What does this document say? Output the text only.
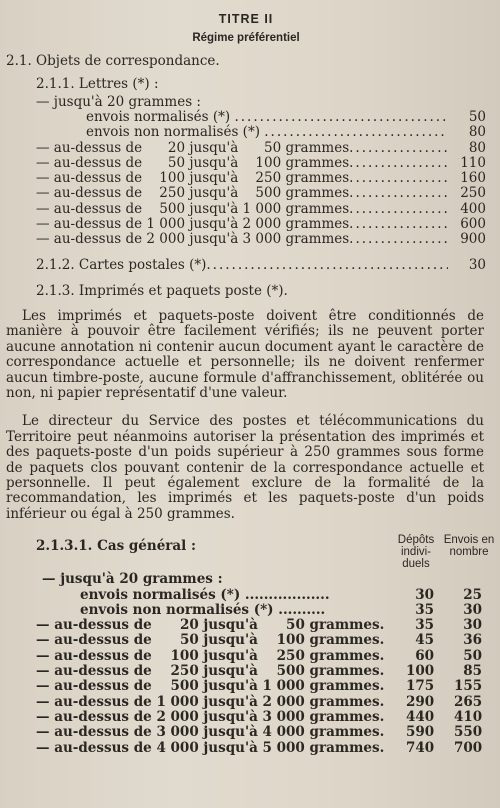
TITRE II
Régime préférentiel
2.1. Objets de correspondance.
2.1.1. Lettres (*) :
— jusqu'à 20 grammes :
envois normalisés (*) .....	50
envois non normalisés (*) .....	80
— au-dessus de      20 jusqu'à      50 grammes .....	80
— au-dessus de      50 jusqu'à    100 grammes .....	110
— au-dessus de    100 jusqu'à    250 grammes .....	160
— au-dessus de    250 jusqu'à    500 grammes .....	250
— au-dessus de    500 jusqu'à 1 000 grammes .....	400
— au-dessus de 1 000 jusqu'à 2 000 grammes .....	600
— au-dessus de 2 000 jusqu'à 3 000 grammes .....	900
2.1.2. Cartes postales (*) .....	30
2.1.3. Imprimés et paquets poste (*).
Les imprimés et paquets-poste doivent être conditionnés de manière à pouvoir être facilement vérifiés; ils ne peuvent porter aucune annotation ni contenir aucun document ayant le caractère de correspondance actuelle et personnelle; ils ne doivent renfermer aucun timbre-poste, aucune formule d'affranchissement, oblitérée ou non, ni papier représentatif d'une valeur.
Le directeur du Service des postes et télécommunications du Territoire peut néanmoins autoriser la présentation des imprimés et des paquets-poste d'un poids supérieur à 250 grammes sous forme de paquets clos pouvant contenir de la correspondance actuelle et personnelle. Il peut également exclure de la formalité de la recommandation, les imprimés et les paquets-poste d'un poids inférieur ou égal à 250 grammes.
2.1.3.1. Cas général :	Dépôts indivi- duels
Envois en nombre
— jusqu'à 20 grammes :
envois normalisés (*) ..................	30	25
envois non normalisés (*) ..........	35	30
— au-dessus de      20 jusqu'à      50 grammes.	35	30
— au-dessus de      50 jusqu'à    100 grammes.	45	36
— au-dessus de    100 jusqu'à    250 grammes.	60	50
— au-dessus de    250 jusqu'à    500 grammes. 100	85
— au-dessus de    500 jusqu'à 1 000 grammes. 175 155
— au-dessus de 1 000 jusqu'à 2 000 grammes. 290 265
— au-dessus de 2 000 jusqu'à 3 000 grammes. 440 410
— au-dessus de 3 000 jusqu'à 4 000 grammes. 590 550
— au-dessus de 4 000 jusqu'à 5 000 grammes. 740 700
